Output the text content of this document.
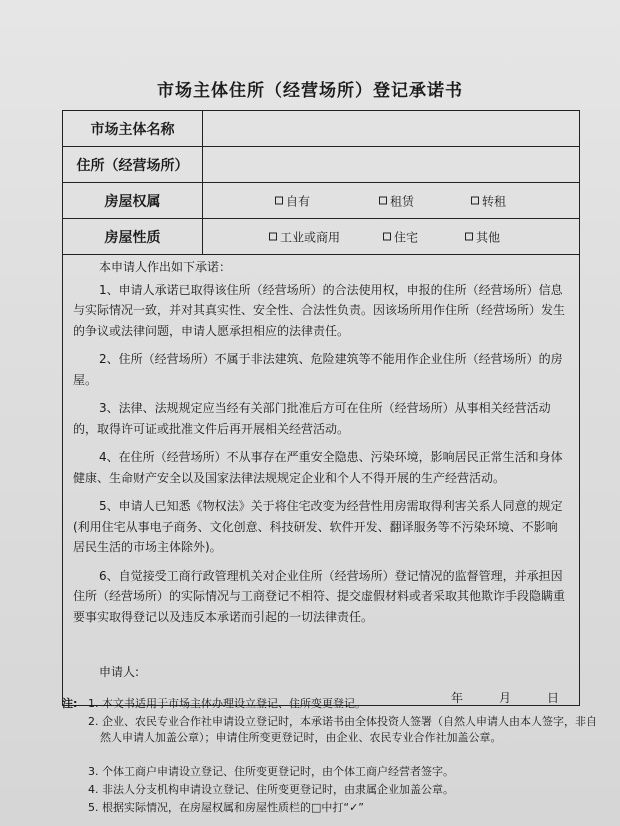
市场主体住所（经营场所）登记承诺书
市场主体名称
住所（经营场所）
房屋权属	自有	租赁	转租
房屋性质	工业或商用	住宅	其他

本申请人作出如下承诺：

1、申请人承诺已取得该住所（经营场所）的合法使用权，申报的住所（经营场所）信息与实际情况一致，并对其真实性、安全性、合法性负责。因该场所用作住所（经营场所）发生的争议或法律问题，申请人愿承担相应的法律责任。

2、住所（经营场所）不属于非法建筑、危险建筑等不能用作企业住所（经营场所）的房屋。

3、法律、法规规定应当经有关部门批准后方可在住所（经营场所）从事相关经营活动的，取得许可证或批准文件后再开展相关经营活动。

4、在住所（经营场所）不从事存在严重安全隐患、污染环境，影响居民正常生活和身体健康、生命财产安全以及国家法律法规规定企业和个人不得开展的生产经营活动。

5、申请人已知悉《物权法》关于将住宅改变为经营性用房需取得利害关系人同意的规定(利用住宅从事电子商务、文化创意、科技研发、软件开发、翻译服务等不污染环境、不影响居民生活的市场主体除外)。

6、自觉接受工商行政管理机关对企业住所（经营场所）登记情况的监督管理，并承担因住所（经营场所）的实际情况与工商登记不相符、提交虚假材料或者采取其他欺诈手段隐瞒重要事实取得登记以及违反本承诺而引起的一切法律责任。

申请人:
年	月	日
注: 1. 本文书适用于市场主体办理设立登记、住所变更登记。
2. 企业、农民专业合作社申请设立登记时，本承诺书由全体投资人签署（自然人申请人由本人签字，非自然人申请人加盖公章）；申请住所变更登记时，由企业、农民专业合作社加盖公章。
3. 个体工商户申请设立登记、住所变更登记时，由个体工商户经营者签字。
4. 非法人分支机构申请设立登记、住所变更登记时，由隶属企业加盖公章。
5. 根据实际情况，在房屋权属和房屋性质栏的□中打“✓”
